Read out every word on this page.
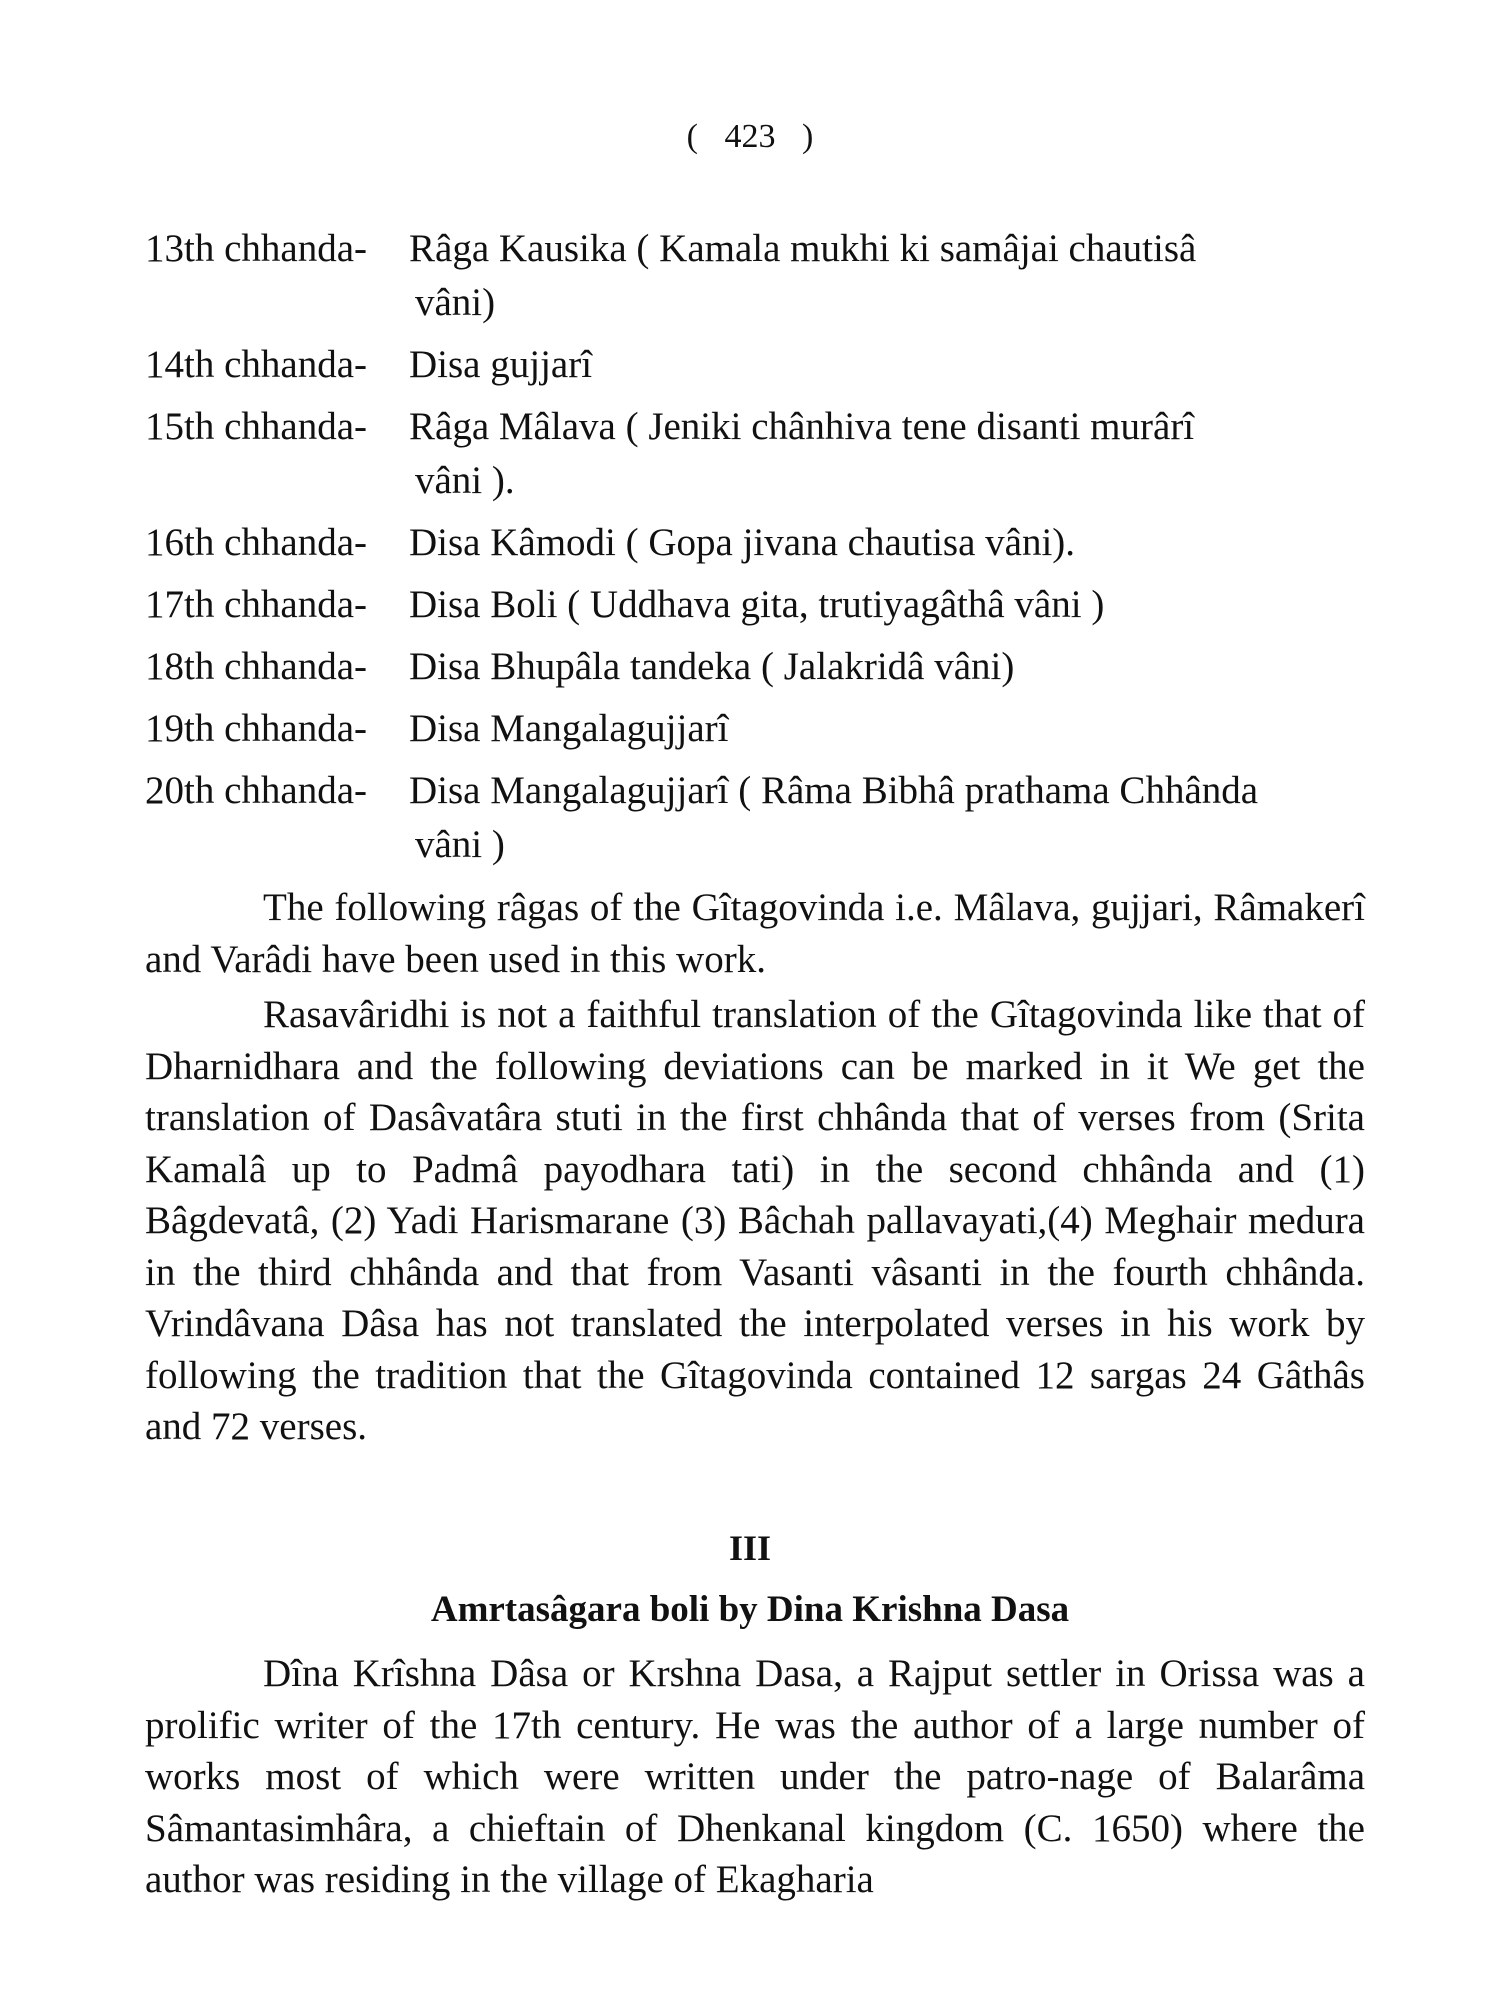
( 423 )
13th chhanda-	Râga Kausika ( Kamala mukhi ki samâjai chautisâ
vâni)
14th chhanda-	Disa gujjarî
15th chhanda-	Râga Mâlava ( Jeniki chânhiva tene disanti murârî
vâni ).
16th chhanda-	Disa Kâmodi ( Gopa jivana chautisa vâni).
17th chhanda-	Disa Boli ( Uddhava gita, trutiyagâthâ vâni )
18th chhanda-	Disa Bhupâla tandeka ( Jalakridâ vâni)
19th chhanda-	Disa Mangalagujjarî
20th chhanda-	Disa Mangalagujjarî ( Râma Bibhâ prathama Chhânda
vâni )

The following râgas of the Gîtagovinda i.e. Mâlava, gujjari, Râmakerî and Varâdi have been used in this work.

Rasavâridhi is not a faithful translation of the Gîtagovinda like that of Dharnidhara and the following deviations can be marked in it We get the translation of Dasâvatâra stuti in the first chhânda that of verses from (Srita Kamalâ up to Padmâ payodhara tati) in the second chhânda and (1) Bâgdevatâ, (2) Yadi Harismarane (3) Bâchah pallavayati,(4) Meghair medura in the third chhânda and that from Vasanti vâsanti in the fourth chhânda. Vrindâvana Dâsa has not translated the interpolated verses in his work by following the tradition that the Gîtagovinda contained 12 sargas 24 Gâthâs and 72 verses.

III
Amrtasâgara boli by Dina Krishna Dasa

Dîna Krîshna Dâsa or Krshna Dasa, a Rajput settler in Orissa was a prolific writer of the 17th century. He was the author of a large number of works most of which were written under the patro-nage of Balarâma Sâmantasimhâra, a chieftain of Dhenkanal kingdom (C. 1650) where the author was residing in the village of Ekagharia
